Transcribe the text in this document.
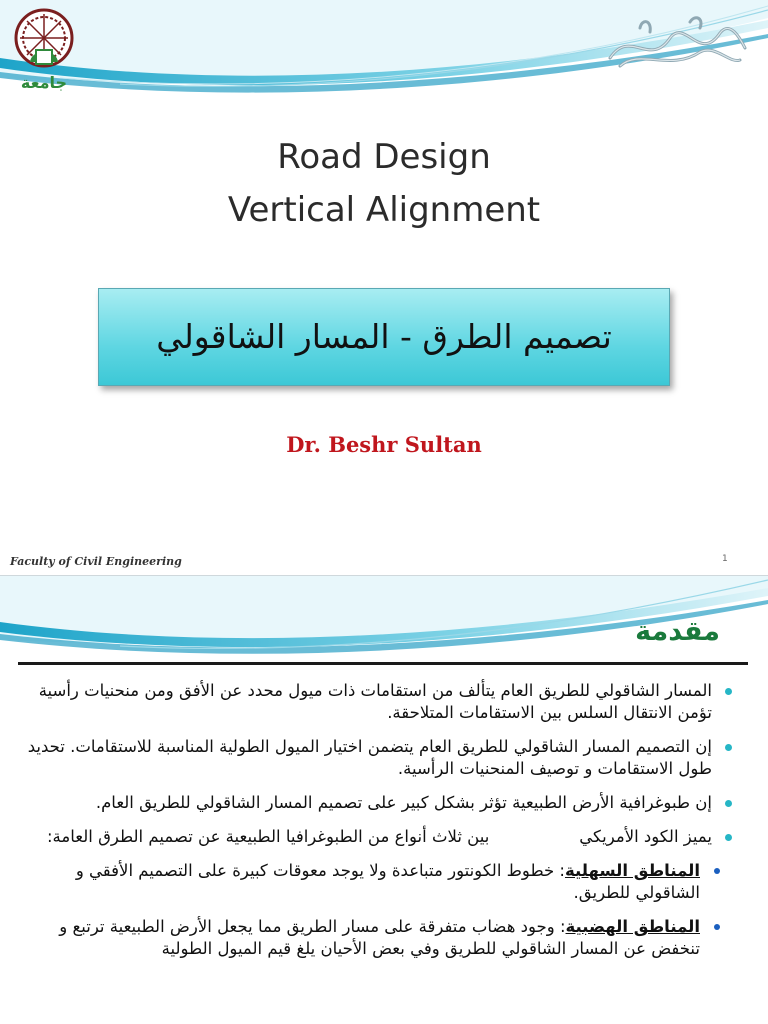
جامعة
Road Design
Vertical Alignment
تصميم الطرق - المسار الشاقولي
Dr. Beshr Sultan
Faculty of Civil Engineering	1
مقدمة
المسار الشاقولي للطريق العام يتألف من استقامات ذات ميول محدد عن الأفق ومن منحنيات رأسية تؤمن الانتقال السلس بين الاستقامات المتلاحقة.
إن التصميم المسار الشاقولي للطريق العام يتضمن اختيار الميول الطولية المناسبة للاستقامات. تحديد طول الاستقامات و توصيف المنحنيات الرأسية.
إن طبوغرافية الأرض الطبيعية تؤثر بشكل كبير على تصميم المسار الشاقولي للطريق العام.
يميز الكود الأمريكيبين ثلاث أنواع من الطبوغرافيا الطبيعية عن تصميم الطرق العامة:
المناطق السهلية: خطوط الكونتور متباعدة ولا يوجد معوقات كبيرة على التصميم الأفقي و الشاقولي للطريق.
المناطق الهضبية: وجود هضاب متفرقة على مسار الطريق مما يجعل الأرض الطبيعية ترتبع و تنخفض عن المسار الشاقولي للطريق وفي بعض الأحيان يلغ قيم الميول الطولية
